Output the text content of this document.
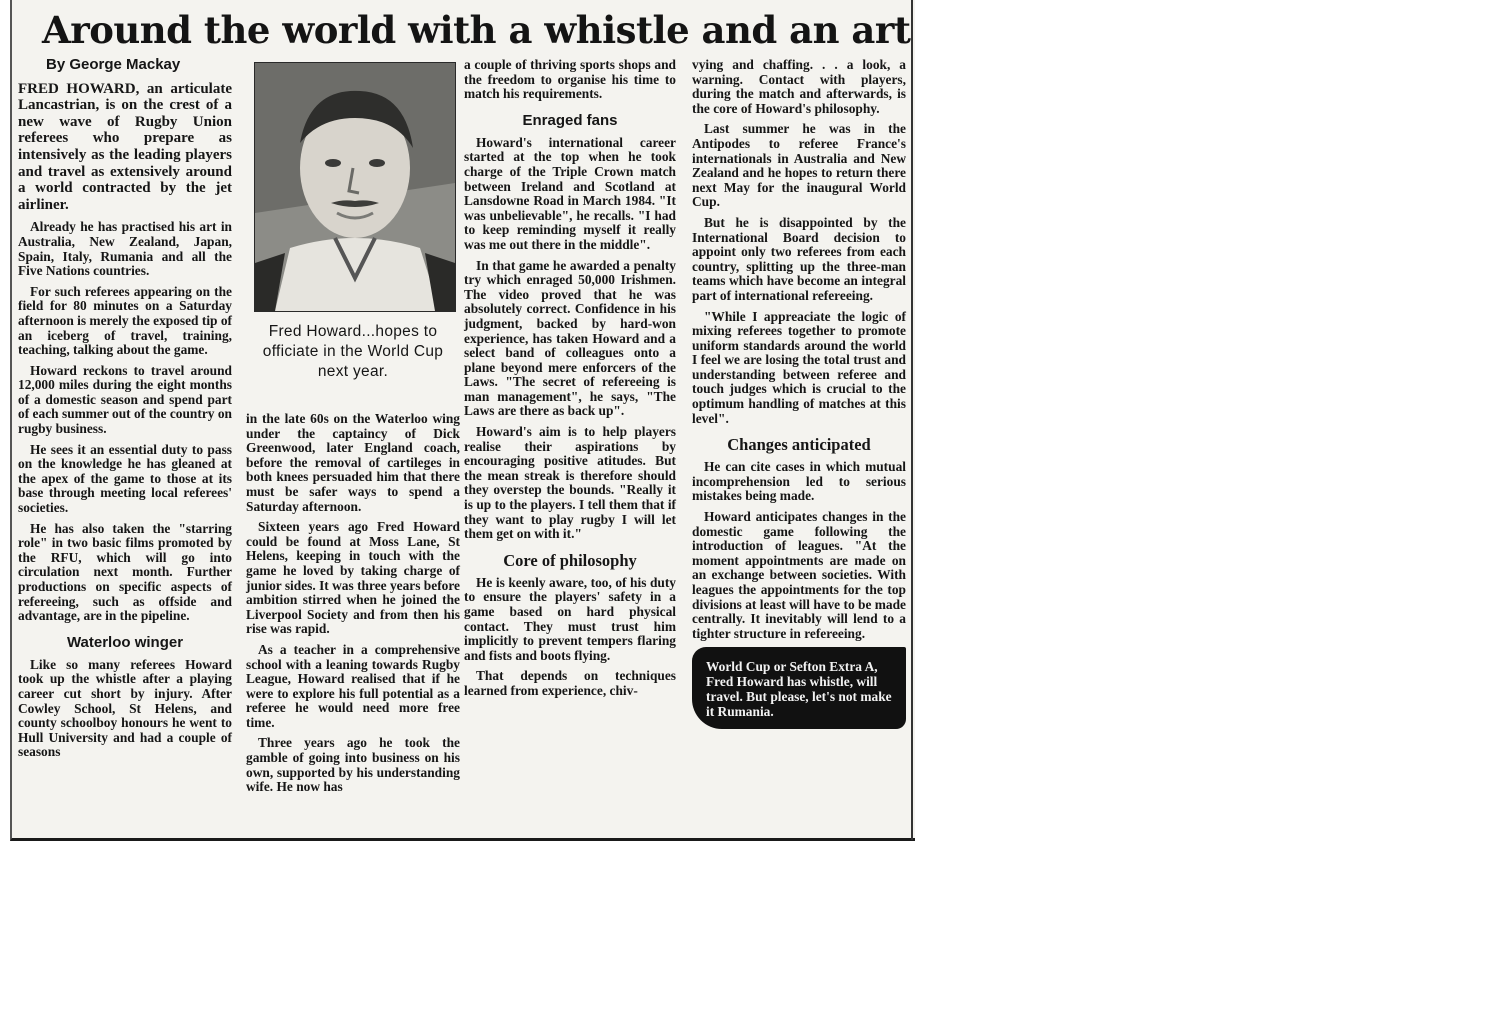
Around the world with a whistle and an art
By George Mackay

FRED HOWARD, an articulate Lancastrian, is on the crest of a new wave of Rugby Union referees who prepare as intensively as the leading players and travel as extensively around a world contracted by the jet airliner.

Already he has practised his art in Australia, New Zealand, Japan, Spain, Italy, Rumania and all the Five Nations countries.

For such referees appearing on the field for 80 minutes on a Saturday afternoon is merely the exposed tip of an iceberg of travel, training, teaching, talking about the game.

Howard reckons to travel around 12,000 miles during the eight months of a domestic season and spend part of each summer out of the country on rugby business.

He sees it an essential duty to pass on the knowledge he has gleaned at the apex of the game to those at its base through meeting local referees' societies.

He has also taken the "starring role" in two basic films promoted by the RFU, which will go into circulation next month. Further productions on specific aspects of refereeing, such as offside and advantage, are in the pipeline.

Waterloo winger

Like so many referees Howard took up the whistle after a playing career cut short by injury. After Cowley School, St Helens, and county schoolboy honours he went to Hull University and had a couple of seasons

Fred Howard...hopes to officiate in the World Cup next year.

in the late 60s on the Waterloo wing under the captaincy of Dick Greenwood, later England coach, before the removal of cartileges in both knees persuaded him that there must be safer ways to spend a Saturday afternoon.

Sixteen years ago Fred Howard could be found at Moss Lane, St Helens, keeping in touch with the game he loved by taking charge of junior sides. It was three years before ambition stirred when he joined the Liverpool Society and from then his rise was rapid.

As a teacher in a comprehensive school with a leaning towards Rugby League, Howard realised that if he were to explore his full potential as a referee he would need more free time.

Three years ago he took the gamble of going into business on his own, supported by his understanding wife. He now has

a couple of thriving sports shops and the freedom to organise his time to match his requirements.

Enraged fans

Howard's international career started at the top when he took charge of the Triple Crown match between Ireland and Scotland at Lansdowne Road in March 1984. "It was unbelievable", he recalls. "I had to keep reminding myself it really was me out there in the middle".

In that game he awarded a penalty try which enraged 50,000 Irishmen. The video proved that he was absolutely correct. Confidence in his judgment, backed by hard-won experience, has taken Howard and a select band of colleagues onto a plane beyond mere enforcers of the Laws. "The secret of refereeing is man management", he says, "The Laws are there as back up".

Howard's aim is to help players realise their aspirations by encouraging positive atitudes. But the mean streak is therefore should they overstep the bounds. "Really it is up to the players. I tell them that if they want to play rugby I will let them get on with it."

Core of philosophy

He is keenly aware, too, of his duty to ensure the players' safety in a game based on hard physical contact. They must trust him implicitly to prevent tempers flaring and fists and boots flying.

That depends on techniques learned from experience, chiv-

vying and chaffing. . . a look, a warning. Contact with players, during the match and afterwards, is the core of Howard's philosophy.

Last summer he was in the Antipodes to referee France's internationals in Australia and New Zealand and he hopes to return there next May for the inaugural World Cup.

But he is disappointed by the International Board decision to appoint only two referees from each country, splitting up the three-man teams which have become an integral part of international refereeing.

"While I appreaciate the logic of mixing referees together to promote uniform standards around the world I feel we are losing the total trust and understanding between referee and touch judges which is crucial to the optimum handling of matches at this level".

Changes anticipated

He can cite cases in which mutual incomprehension led to serious mistakes being made.

Howard anticipates changes in the domestic game following the introduction of leagues. "At the moment appointments are made on an exchange between societies. With leagues the appointments for the top divisions at least will have to be made centrally. It inevitably will lend to a tighter structure in refereeing.

World Cup or Sefton Extra A, Fred Howard has whistle, will travel. But please, let's not make it Rumania.
